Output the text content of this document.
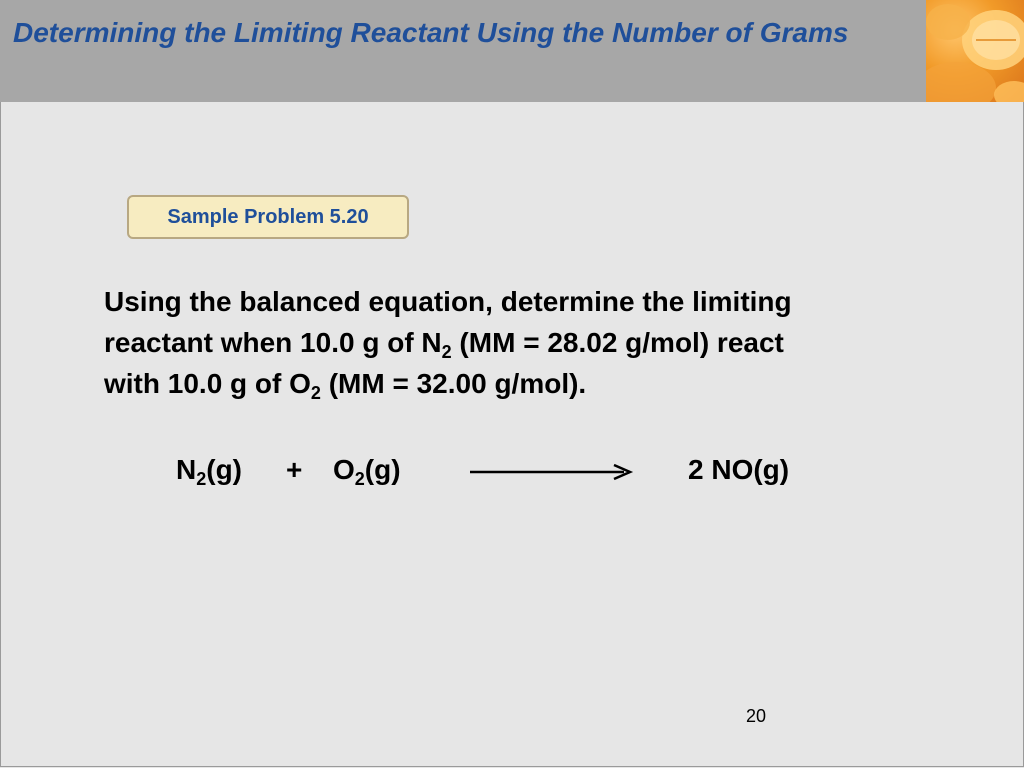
Determining the Limiting Reactant Using the Number of Grams
Sample Problem 5.20

Using the balanced equation, determine the limiting
reactant when 10.0 g of $N_2$ (MM = 28.02 g/mol) react
with 10.0 g of $O_2$ (MM = 32.00 g/mol).

$N_2(g) + O_2(g)$	2 NO(g)
20
